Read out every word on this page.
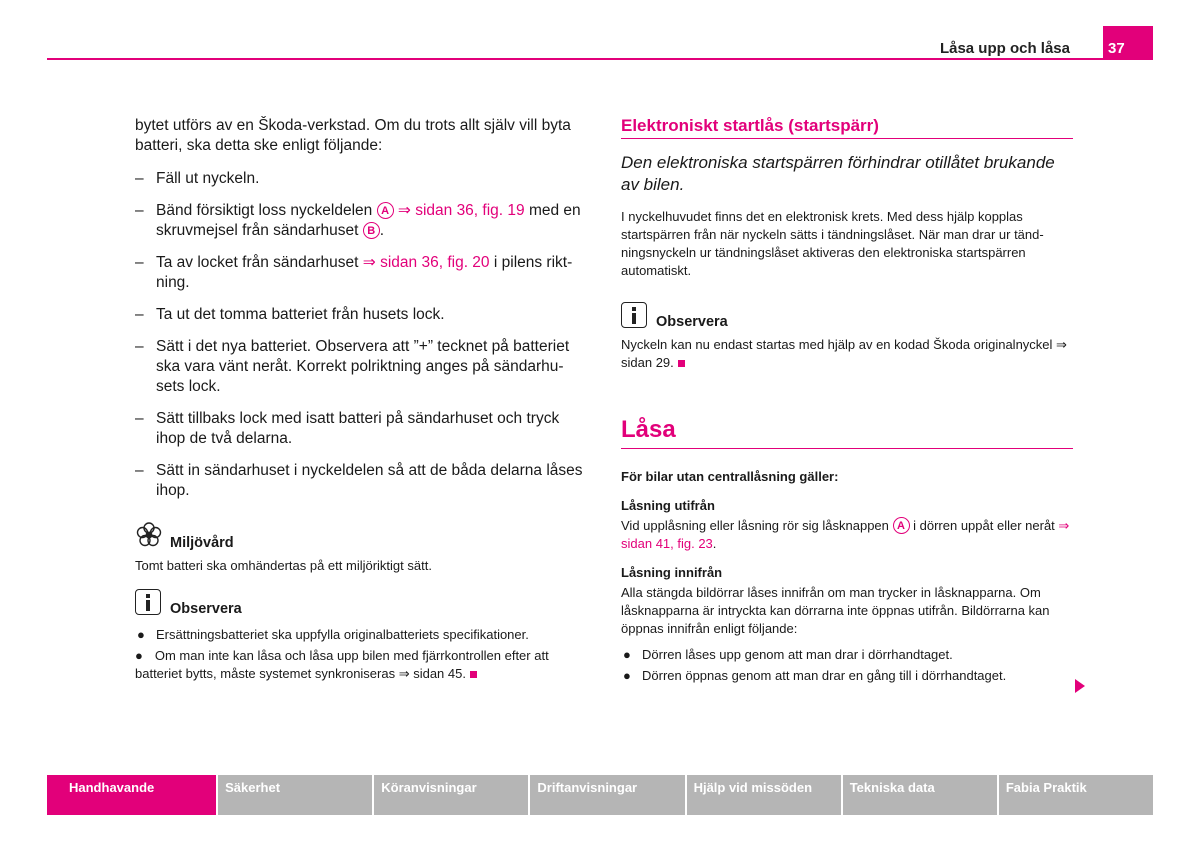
Låsa upp och låsa	37

bytet utförs av en Škoda-verkstad. Om du trots allt själv vill byta batteri, ska detta ske enligt följande:

– Fäll ut nyckeln.
– Bänd försiktigt loss nyckeldelen A ⇒ sidan 36, fig. 19 med en skruvmejsel från sändarhuset B .
– Ta av locket från sändarhuset ⇒ sidan 36, fig. 20 i pilens riktning.
– Ta ut det tomma batteriet från husets lock.
– Sätt i det nya batteriet. Observera att ”+” tecknet på batteriet ska vara vänt neråt. Korrekt polriktning anges på sändarhusets lock.
– Sätt tillbaks lock med isatt batteri på sändarhuset och tryck ihop de två delarna.
– Sätt in sändarhuset i nyckeldelen så att de båda delarna låses ihop.
Miljövård

Tomt batteri ska omhändertas på ett miljöriktigt sätt.

Observera
● Ersättningsbatteriet ska uppfylla originalbatteriets specifikationer.
● Om man inte kan låsa och låsa upp bilen med fjärrkontrollen efter att batteriet bytts, måste systemet synkroniseras ⇒ sidan 45.
Elektroniskt startlås (startspärr)

Den elektroniska startspärren förhindrar otillåtet brukande av bilen.

I nyckelhuvudet finns det en elektronisk krets. Med dess hjälp kopplas startspärren från när nyckeln sätts i tändningslåset. När man drar ur tändningsnyckeln ur tändningslåset aktiveras den elektroniska startspärren automatiskt.

Observera

Nyckeln kan nu endast startas med hjälp av en kodad Škoda originalnyckel ⇒ sidan 29.

Låsa

För bilar utan centrallåsning gäller:

Låsning utifrån

Vid upplåsning eller låsning rör sig låsknappen A i dörren uppåt eller neråt ⇒ sidan 41, fig. 23.

Låsning innifrån

Alla stängda bildörrar låses innifrån om man trycker in låsknapparna. Om låsknapparna är intryckta kan dörrarna inte öppnas utifrån. Bildörrarna kan öppnas innifrån enligt följande:

● Dörren låses upp genom att man drar i dörrhandtaget.
● Dörren öppnas genom att man drar en gång till i dörrhandtaget.
Handhavande	Säkerhet	Köranvisningar	Driftanvisningar	Hjälp vid missöden	Tekniska data	Fabia Praktik
